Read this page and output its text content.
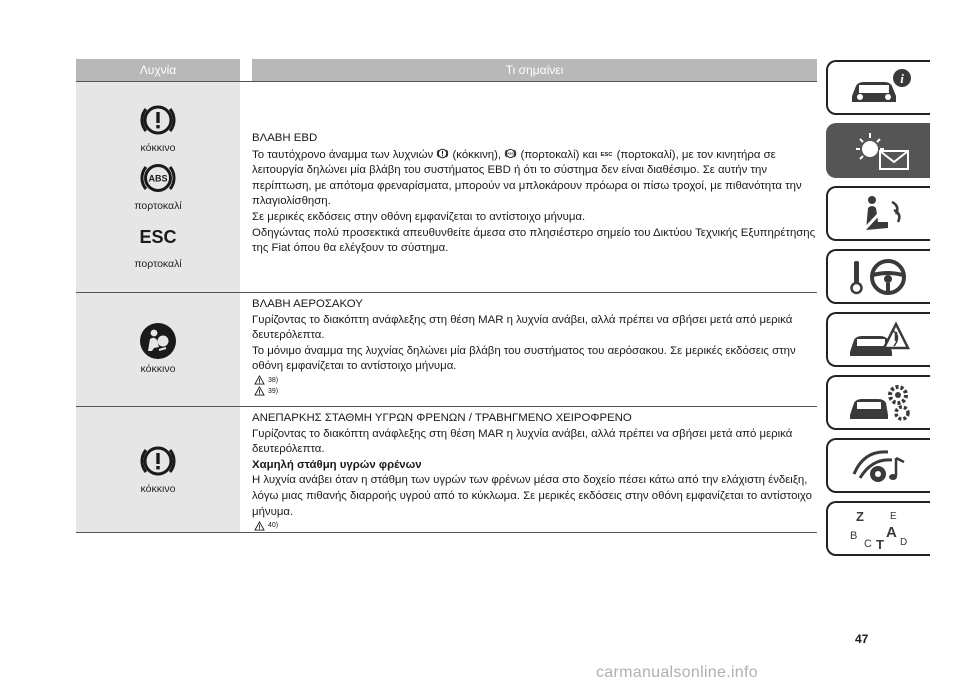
Λυχνία	Τι σημαίνει
κόκκινο
πορτοκαλί
πορτοκαλί

ΒΛΑΒΗ EBD

Το ταυτόχρονο άναμμα των λυχνιών (κόκκινη), (πορτοκαλί) και (πορτοκαλί), με τον κινητήρα σε λειτουργία δηλώνει μία βλάβη του συστήματος EBD ή ότι το σύστημα δεν είναι διαθέσιμο. Σε αυτήν την περίπτωση, με απότομα φρεναρίσματα, μπορούν να μπλοκάρουν πρόωρα οι πίσω τροχοί, με πιθανότητα την πλαγιολίσθηση.

Σε μερικές εκδόσεις στην οθόνη εμφανίζεται το αντίστοιχο μήνυμα.

Οδηγώντας πολύ προσεκτικά απευθυνθείτε άμεσα στο πλησιέστερο σημείο του Δικτύου Τεχνικής Εξυπηρέτησης της Fiat όπου θα ελέγξουν το σύστημα.

κόκκινο

ΒΛΑΒΗ ΑΕΡΟΣΑΚΟΥ

Γυρίζοντας το διακόπτη ανάφλεξης στη θέση MAR η λυχνία ανάβει, αλλά πρέπει να σβήσει μετά από μερικά δευτερόλεπτα.

Το μόνιμο άναμμα της λυχνίας δηλώνει μία βλάβη του συστήματος του αερόσακου. Σε μερικές εκδόσεις στην οθόνη εμφανίζεται το αντίστοιχο μήνυμα.

38)
39)
κόκκινο

ΑΝΕΠΑΡΚΗΣ ΣΤΑΘΜΗ ΥΓΡΩΝ ΦΡΕΝΩΝ / ΤΡΑΒΗΓΜΕΝΟ ΧΕΙΡΟΦΡΕΝΟ

Γυρίζοντας το διακόπτη ανάφλεξης στη θέση MAR η λυχνία ανάβει, αλλά πρέπει να σβήσει μετά από μερικά δευτερόλεπτα.

Χαμηλή στάθμη υγρών φρένων

Η λυχνία ανάβει όταν η στάθμη των υγρών των φρένων μέσα στο δοχείο πέσει κάτω από την ελάχιστη ένδειξη, λόγω μιας πιθανής διαρροής υγρού από το κύκλωμα. Σε μερικές εκδόσεις στην οθόνη εμφανίζεται το αντίστοιχο μήνυμα.

40)
i
Z	E
B A
C T D
47
carmanualsonline.info
